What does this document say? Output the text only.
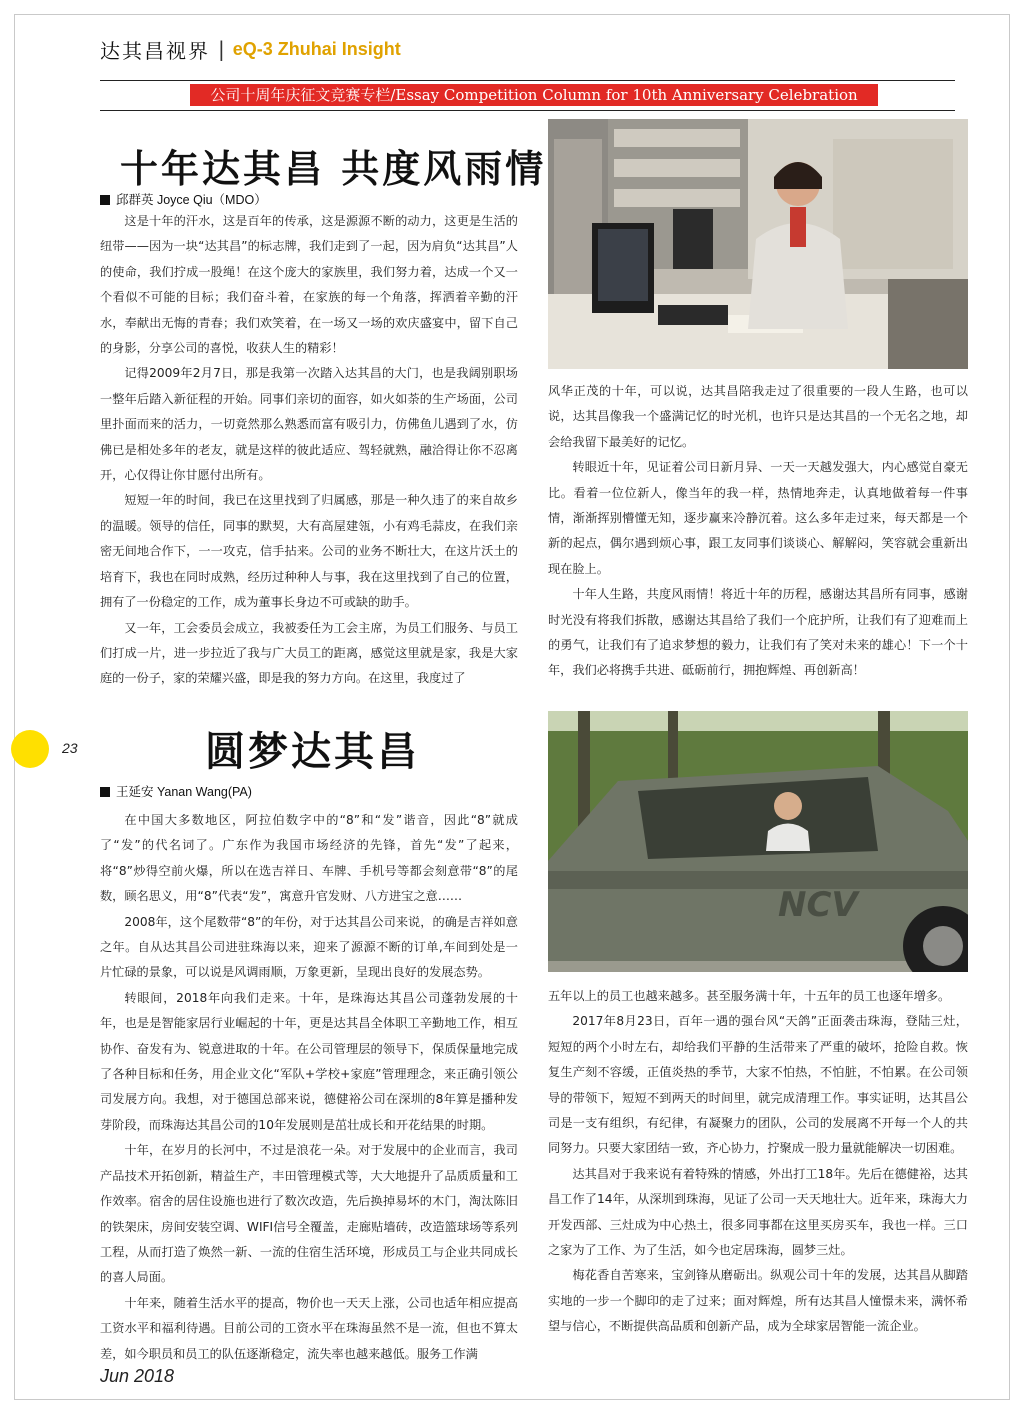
达其昌视界 | eQ-3 Zhuhai Insight
公司十周年庆征文竞赛专栏/Essay Competition Column for 10th Anniversary Celebration
十年达其昌 共度风雨情
邱群英 Joyce Qiu（MDO）

这是十年的汗水，这是百年的传承，这是源源不断的动力，这更是生活的纽带——因为一块“达其昌”的标志牌，我们走到了一起，因为肩负“达其昌”人的使命，我们拧成一股绳！在这个庞大的家族里，我们努力着，达成一个又一个看似不可能的目标；我们奋斗着，在家族的每一个角落，挥洒着辛勤的汗水，奉献出无悔的青春；我们欢笑着，在一场又一场的欢庆盛宴中，留下自己的身影，分享公司的喜悦，收获人生的精彩！

记得2009年2月7日，那是我第一次踏入达其昌的大门，也是我阔别职场一整年后踏入新征程的开始。同事们亲切的面容，如火如荼的生产场面，公司里扑面而来的活力，一切竟然那么熟悉而富有吸引力，仿佛鱼儿遇到了水，仿佛已是相处多年的老友，就是这样的彼此适应、驾轻就熟，融洽得让你不忍离开，心仅得让你甘愿付出所有。

短短一年的时间，我已在这里找到了归属感，那是一种久违了的来自故乡的温暖。领导的信任，同事的默契，大有高屋建瓴，小有鸡毛蒜皮，在我们亲密无间地合作下，一一攻克，信手拈来。公司的业务不断壮大，在这片沃土的培育下，我也在同时成熟，经历过种种人与事，我在这里找到了自己的位置，拥有了一份稳定的工作，成为董事长身边不可或缺的助手。

又一年，工会委员会成立，我被委任为工会主席，为员工们服务、与员工们打成一片，进一步拉近了我与广大员工的距离，感觉这里就是家，我是大家庭的一份子，家的荣耀兴盛，即是我的努力方向。在这里，我度过了

风华正茂的十年，可以说，达其昌陪我走过了很重要的一段人生路，也可以说，达其昌像我一个盛满记忆的时光机，也许只是达其昌的一个无名之地，却会给我留下最美好的记忆。

转眼近十年，见证着公司日新月异、一天一天越发强大，内心感觉自豪无比。看着一位位新人，像当年的我一样，热情地奔走，认真地做着每一件事情，渐渐挥别懵懂无知，逐步赢来冷静沉着。这么多年走过来，每天都是一个新的起点，偶尔遇到烦心事，跟工友同事们谈谈心、解解闷，笑容就会重新出现在脸上。

十年人生路，共度风雨情！将近十年的历程，感谢达其昌所有同事，感谢时光没有将我们拆散，感谢达其昌给了我们一个庇护所，让我们有了迎难而上的勇气，让我们有了追求梦想的毅力，让我们有了笑对未来的雄心！下一个十年，我们必将携手共进、砥砺前行，拥抱辉煌、再创新高！

23	圆梦达其昌
王延安 Yanan Wang(PA)
NCV

在中国大多数地区，阿拉伯数字中的“8”和“发”谐音，因此“8”就成了“发”的代名词了。广东作为我国市场经济的先锋，首先“发”了起来，将“8”炒得空前火爆，所以在选吉祥日、车牌、手机号等都会刻意带“8”的尾数，顾名思义，用“8”代表“发”，寓意升官发财、八方进宝之意……

2008年，这个尾数带“8”的年份，对于达其昌公司来说，的确是吉祥如意之年。自从达其昌公司进驻珠海以来，迎来了源源不断的订单,车间到处是一片忙碌的景象，可以说是风调雨顺，万象更新，呈现出良好的发展态势。

转眼间，2018年向我们走来。十年，是珠海达其昌公司蓬勃发展的十年，也是是智能家居行业崛起的十年，更是达其昌全体职工辛勤地工作，相互协作、奋发有为、锐意进取的十年。在公司管理层的领导下，保质保量地完成了各种目标和任务，用企业文化“军队+学校+家庭”管理理念，来正确引领公司发展方向。我想，对于德国总部来说，德健裕公司在深圳的8年算是播种发芽阶段，而珠海达其昌公司的10年发展则是茁壮成长和开花结果的时期。

十年，在岁月的长河中，不过是浪花一朵。对于发展中的企业而言，我司产品技术开拓创新，精益生产，丰田管理模式等，大大地提升了品质质量和工作效率。宿舍的居住设施也进行了数次改造，先后换掉易坏的木门，淘汰陈旧的铁架床，房间安装空调、WIFI信号全覆盖，走廊贴墙砖，改造篮球场等系列工程，从而打造了焕然一新、一流的住宿生活环境，形成员工与企业共同成长的喜人局面。

十年来，随着生活水平的提高，物价也一天天上涨，公司也适年相应提高工资水平和福利待遇。目前公司的工资水平在珠海虽然不是一流，但也不算太差，如今职员和员工的队伍逐渐稳定，流失率也越来越低。服务工作满

五年以上的员工也越来越多。甚至服务满十年，十五年的员工也逐年增多。

2017年8月23日，百年一遇的强台风“天鸽”正面袭击珠海，登陆三灶，短短的两个小时左右，却给我们平静的生活带来了严重的破坏，抢险自救。恢复生产刻不容缓，正值炎热的季节，大家不怕热，不怕脏，不怕累。在公司领导的带领下，短短不到两天的时间里，就完成清理工作。事实证明，达其昌公司是一支有组织，有纪律，有凝聚力的团队，公司的发展离不开每一个人的共同努力。只要大家团结一致，齐心协力，拧聚成一股力量就能解决一切困难。

达其昌对于我来说有着特殊的情感，外出打工18年。先后在德健裕，达其昌工作了14年，从深圳到珠海，见证了公司一天天地壮大。近年来，珠海大力开发西部、三灶成为中心热土，很多同事都在这里买房买车，我也一样。三口之家为了工作、为了生活，如今也定居珠海，圆梦三灶。

梅花香自苦寒来，宝剑锋从磨砺出。纵观公司十年的发展，达其昌从脚踏实地的一步一个脚印的走了过来；面对辉煌，所有达其昌人憧憬未来，满怀希望与信心，不断提供高品质和创新产品，成为全球家居智能一流企业。

Jun 2018
